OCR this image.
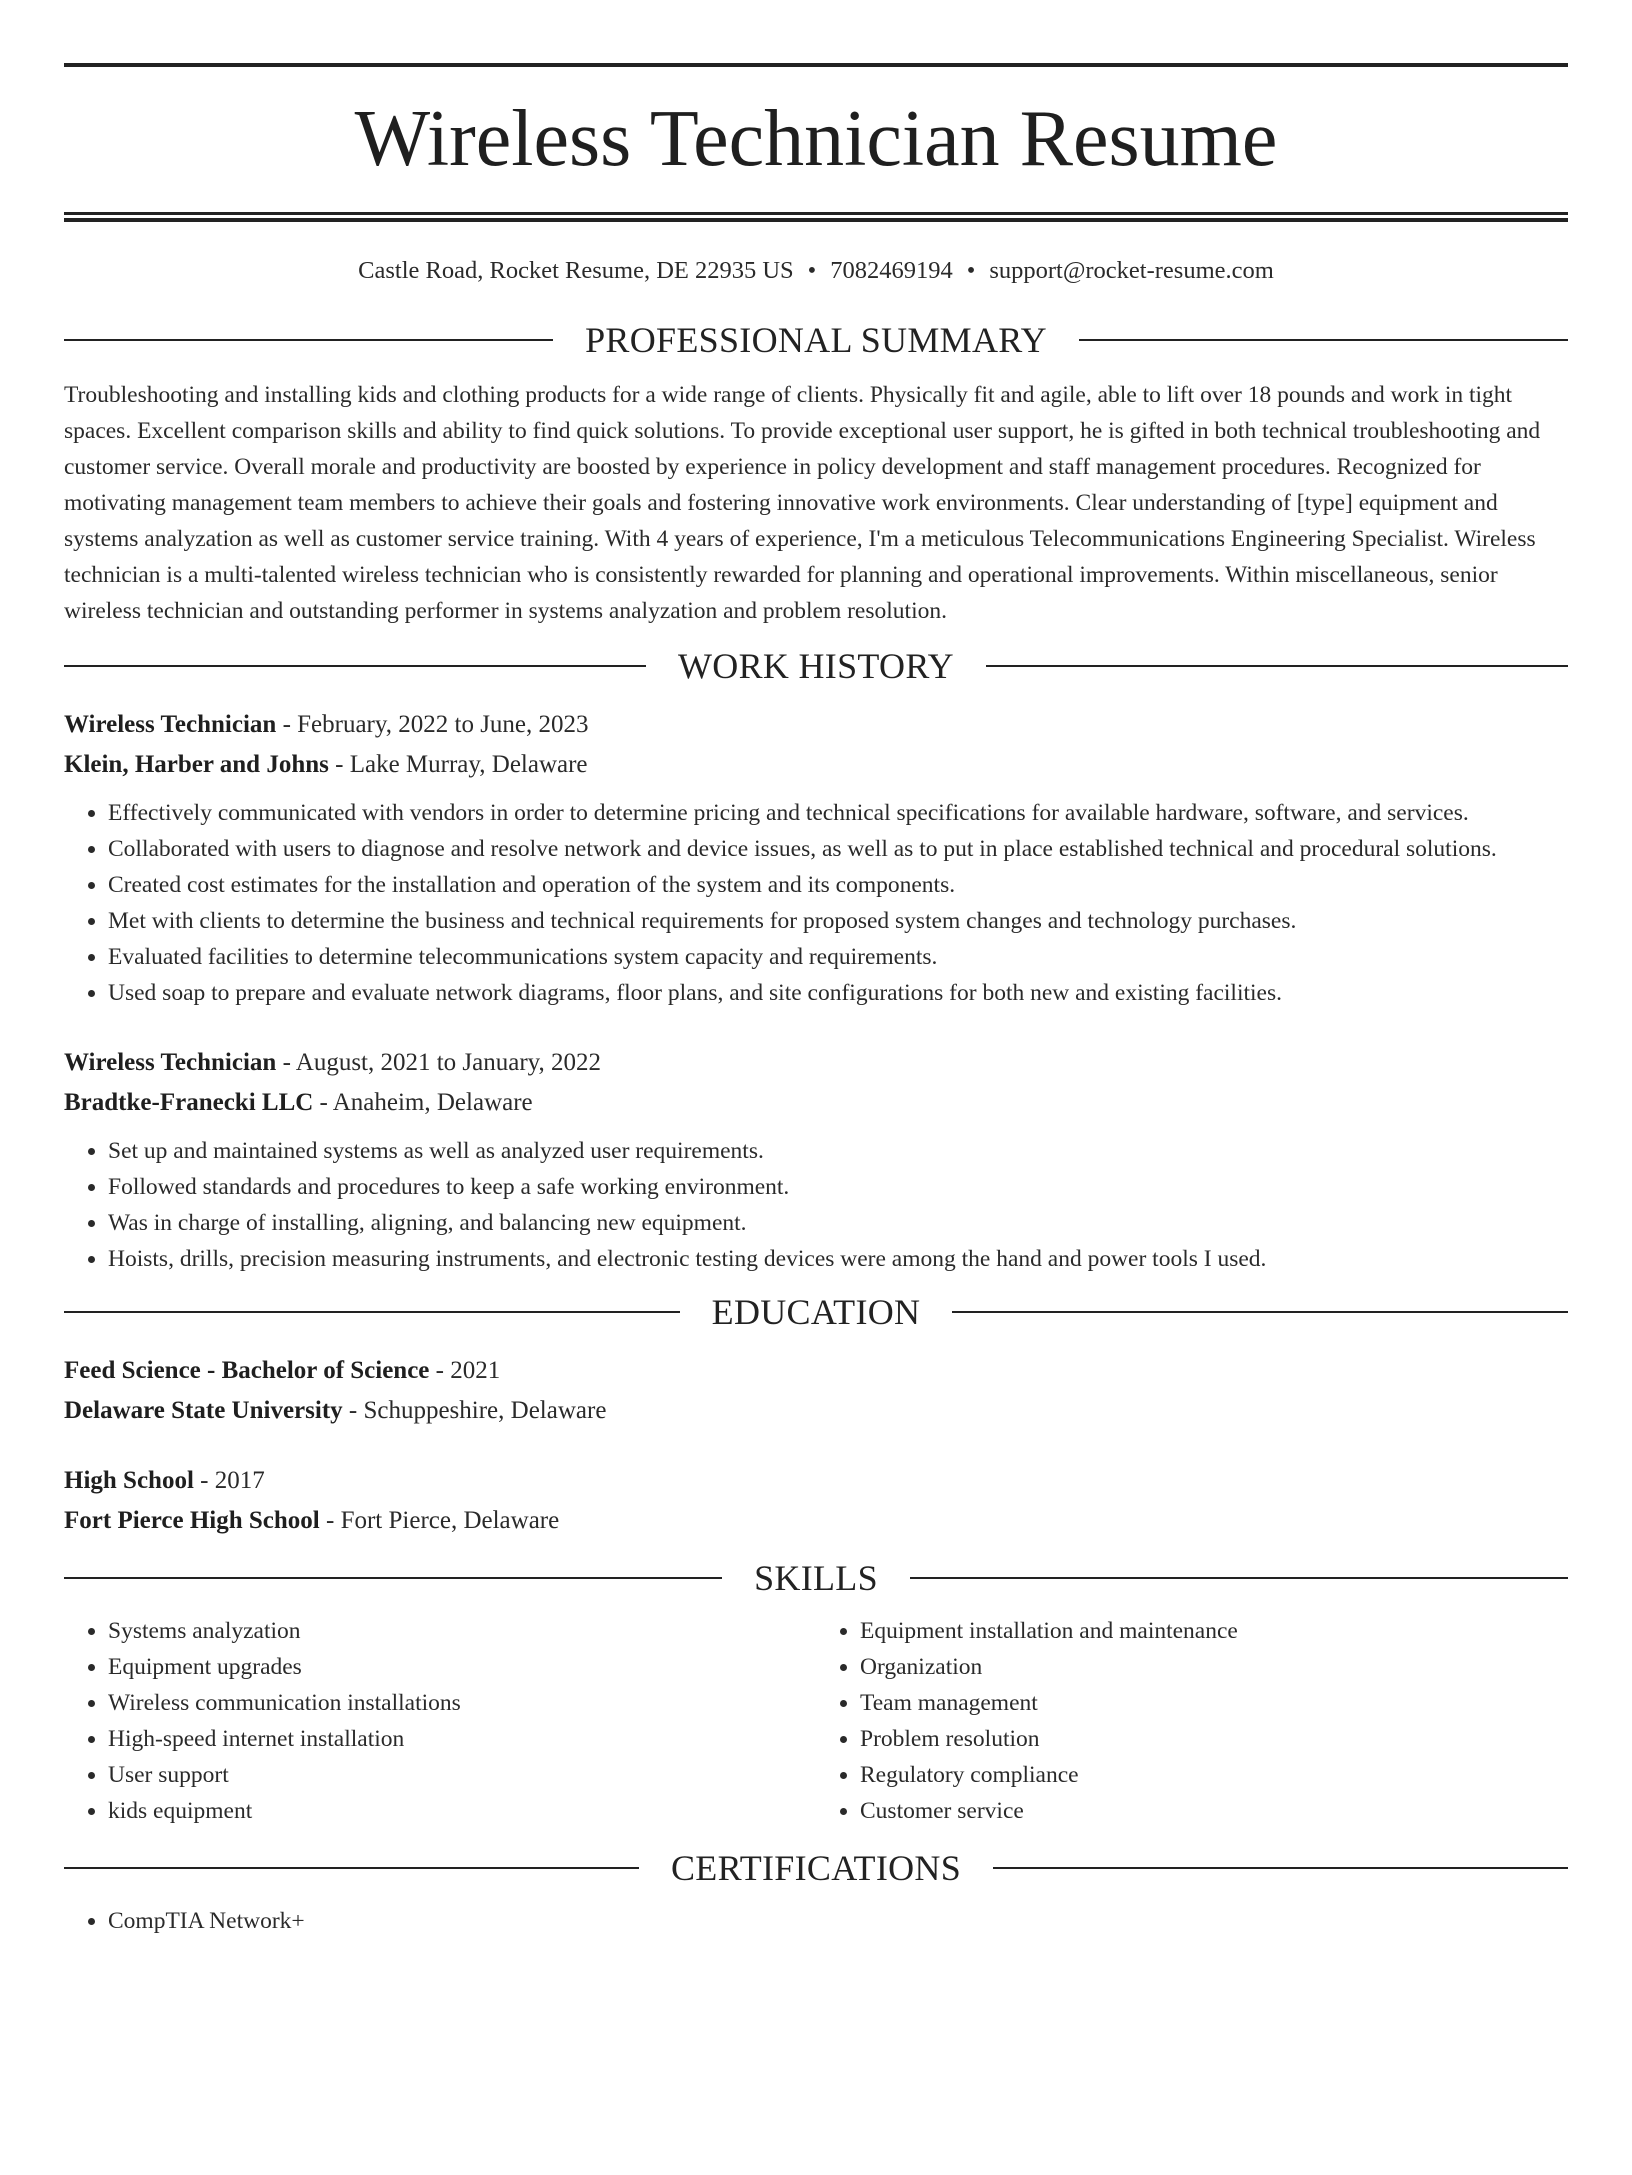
Wireless Technician Resume
Castle Road, Rocket Resume, DE 22935 US • 7082469194 • support@rocket-resume.com
PROFESSIONAL SUMMARY

Troubleshooting and installing kids and clothing products for a wide range of clients. Physically fit and agile, able to lift over 18 pounds and work in tight spaces. Excellent comparison skills and ability to find quick solutions. To provide exceptional user support, he is gifted in both technical troubleshooting and customer service. Overall morale and productivity are boosted by experience in policy development and staff management procedures. Recognized for motivating management team members to achieve their goals and fostering innovative work environments. Clear understanding of [type] equipment and systems analyzation as well as customer service training. With 4 years of experience, I'm a meticulous Telecommunications Engineering Specialist. Wireless technician is a multi-talented wireless technician who is consistently rewarded for planning and operational improvements. Within miscellaneous, senior wireless technician and outstanding performer in systems analyzation and problem resolution.

WORK HISTORY
Wireless Technician - February, 2022 to June, 2023
Klein, Harber and Johns - Lake Murray, Delaware
• Effectively communicated with vendors in order to determine pricing and technical specifications for available hardware, software, and services.
• Collaborated with users to diagnose and resolve network and device issues, as well as to put in place established technical and procedural solutions.
• Created cost estimates for the installation and operation of the system and its components.
• Met with clients to determine the business and technical requirements for proposed system changes and technology purchases.
• Evaluated facilities to determine telecommunications system capacity and requirements.
• Used soap to prepare and evaluate network diagrams, floor plans, and site configurations for both new and existing facilities.
Wireless Technician - August, 2021 to January, 2022
Bradtke-Franecki LLC - Anaheim, Delaware
• Set up and maintained systems as well as analyzed user requirements.
• Followed standards and procedures to keep a safe working environment.
• Was in charge of installing, aligning, and balancing new equipment.
• Hoists, drills, precision measuring instruments, and electronic testing devices were among the hand and power tools I used.
EDUCATION
Feed Science - Bachelor of Science - 2021
Delaware State University - Schuppeshire, Delaware
High School - 2017
Fort Pierce High School - Fort Pierce, Delaware
SKILLS
• Systems analyzation
• Equipment upgrades
• Wireless communication installations
• High-speed internet installation
• User support
• kids equipment
• Equipment installation and maintenance
• Organization
• Team management
• Problem resolution
• Regulatory compliance
• Customer service
CERTIFICATIONS
• CompTIA Network+
